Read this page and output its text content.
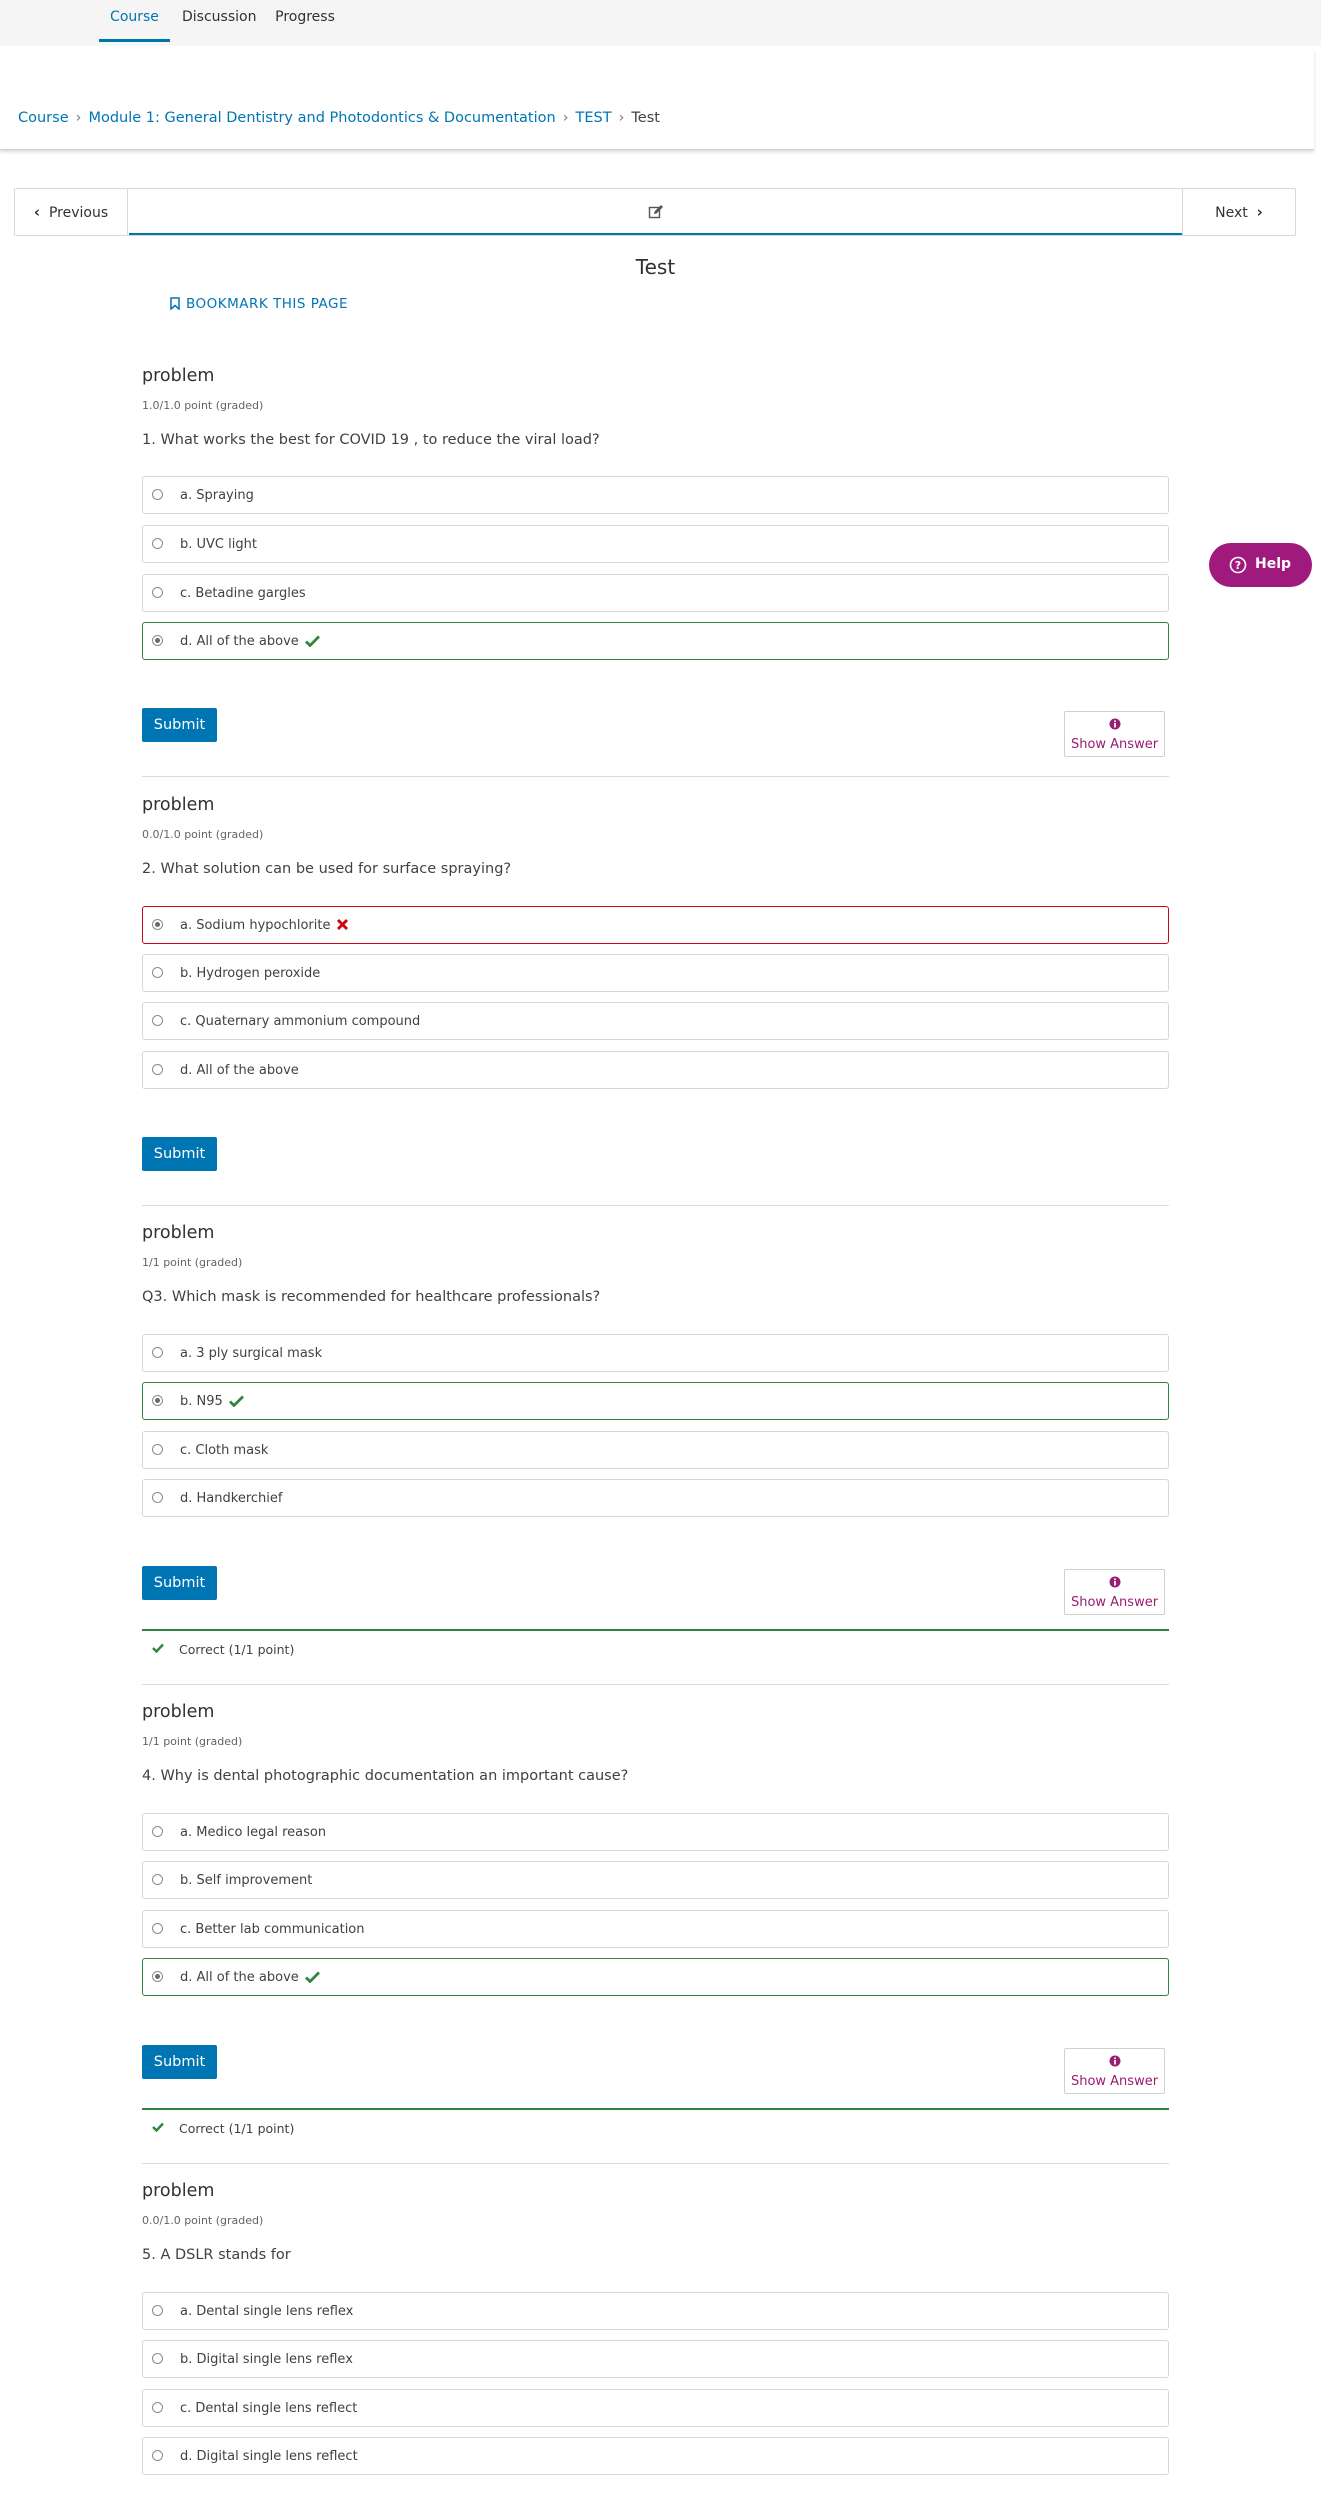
Course	Discussion Progress
Course › Module 1: General Dentistry and Photodontics & Documentation › TEST › Test
‹ Previous	Next ›
Test
BOOKMARK THIS PAGE
? Help
problem
1.0/1.0 point (graded)
1. What works the best for COVID 19 , to reduce the viral load?
a. Spraying
b. UVC light
c. Betadine gargles
d. All of the above
Submit
Show Answer
problem
0.0/1.0 point (graded)
2. What solution can be used for surface spraying?
a. Sodium hypochlorite
b. Hydrogen peroxide
c. Quaternary ammonium compound
d. All of the above
Submit
problem
1/1 point (graded)
Q3. Which mask is recommended for healthcare professionals?
a. 3 ply surgical mask
b. N95
c. Cloth mask
d. Handkerchief
Submit
Show Answer
Correct (1/1 point)
problem
1/1 point (graded)
4. Why is dental photographic documentation an important cause?
a. Medico legal reason
b. Self improvement
c. Better lab communication
d. All of the above
Submit
Show Answer
Correct (1/1 point)
problem
0.0/1.0 point (graded)
5. A DSLR stands for
a. Dental single lens reflex
b. Digital single lens reflex
c. Dental single lens reflect
d. Digital single lens reflect
